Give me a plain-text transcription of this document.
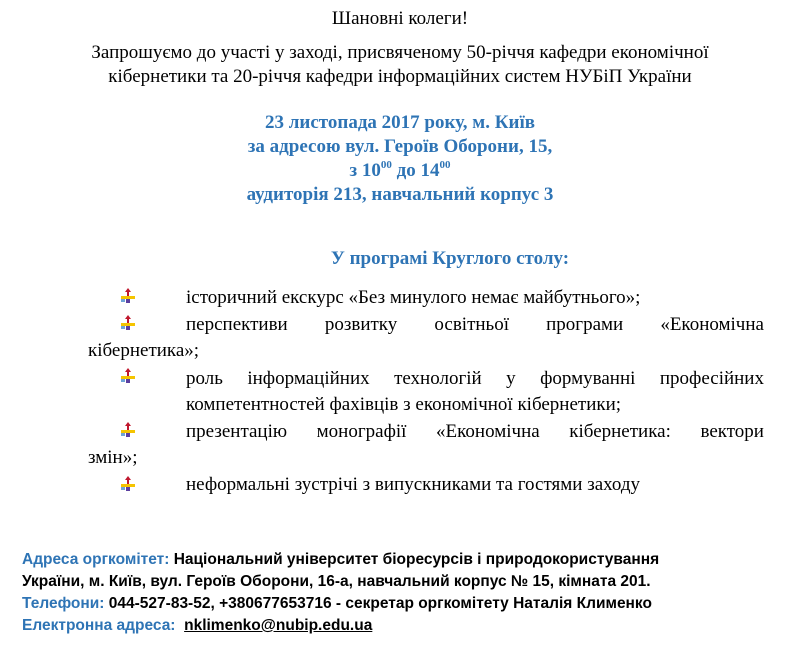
Шановні колеги!
Запрошуємо до участі у заході, присвяченому 50-річчя кафедри економічної
кібернетики та 20-річчя кафедри інформаційних систем НУБіП України
23 листопада 2017 року, м. Київ
за адресою вул. Героїв Оборони, 15,
з $10^{00}$ до $14^{00}$
аудиторія 213, навчальний корпус 3
У програмі Круглого столу:
історичний екскурс «Без минулого немає майбутнього»;
перспективи розвитку освітньої програми «Економічна
кібернетика»;
роль інформаційних технологій у формуванні професійних
компетентностей фахівців з економічної кібернетики;
презентацію монографії «Економічна кібернетика: вектори
змін»;
неформальні зустрічі з випускниками та гостями заходу
Адреса оргкомітет: Національний університет біоресурсів і природокористування
України, м. Київ, вул. Героїв Оборони, 16-а, навчальний корпус № 15, кімната 201.
Телефони: 044-527-83-52, +380677653716 - секретар оргкомітету Наталія Клименко
Електронна адреса: nklimenko@nubip.edu.ua
